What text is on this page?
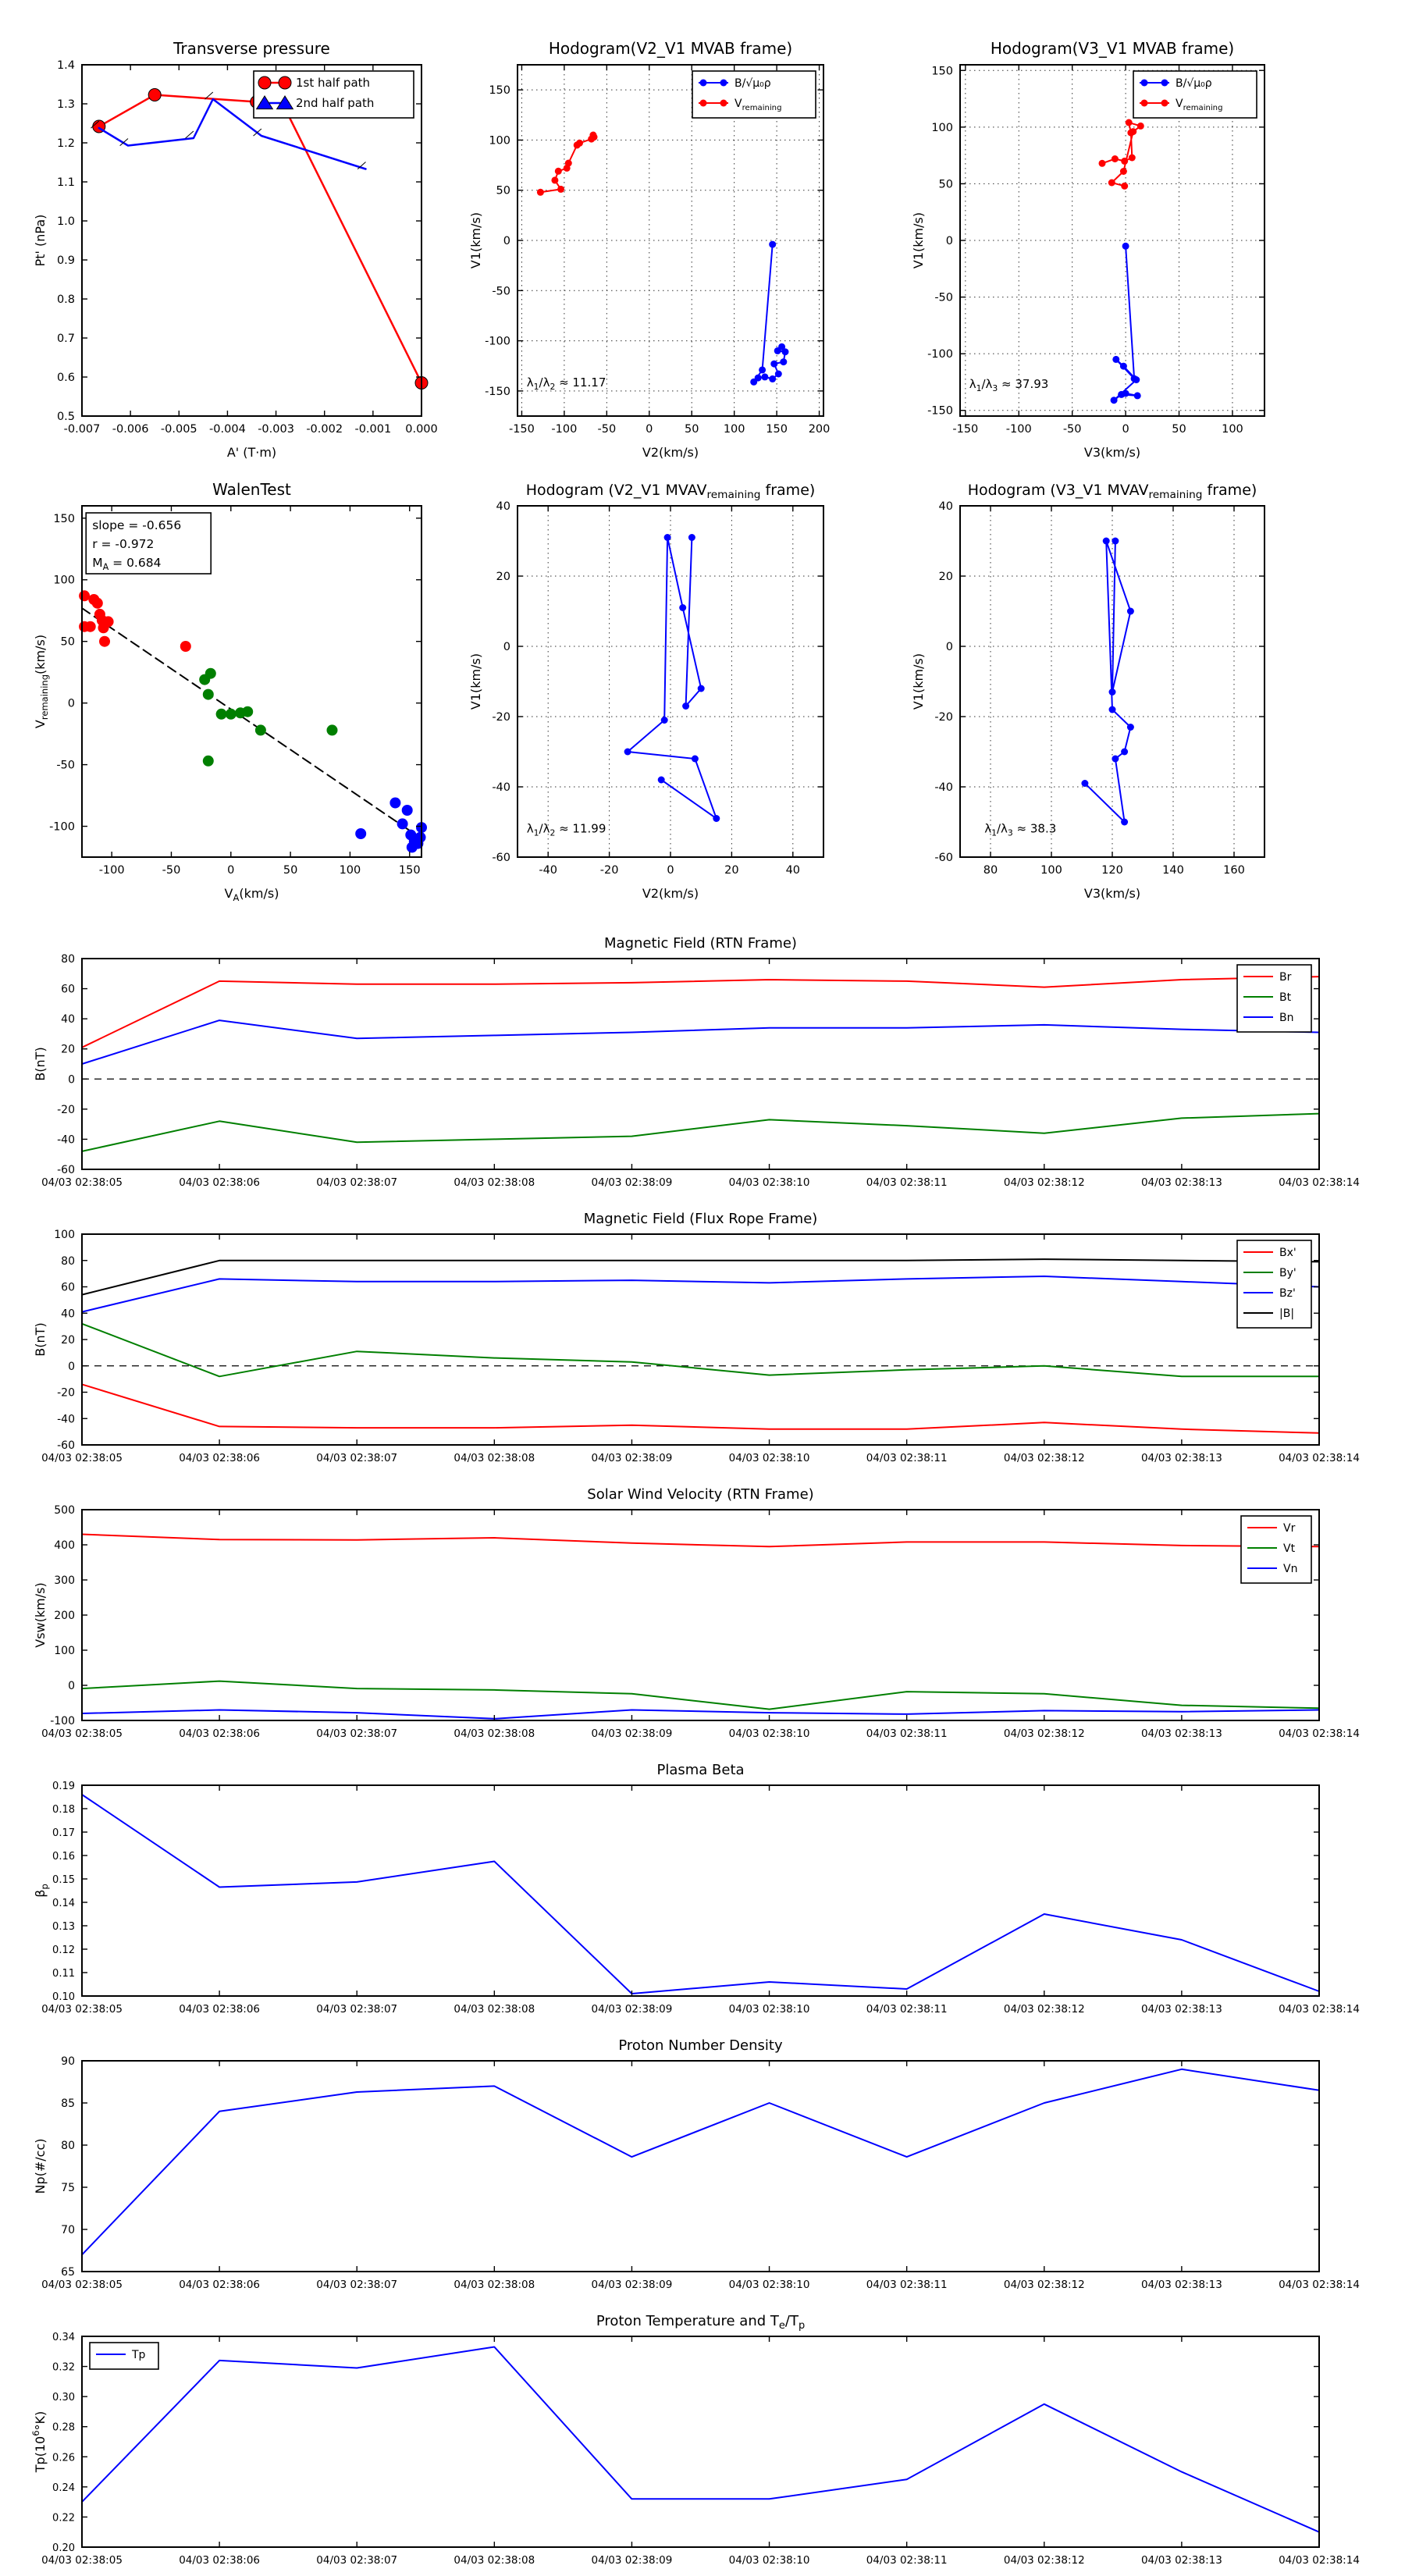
-0.007 -0.006 -0.005 -0.004 -0.003 -0.002 -0.001 0.000
0.5
0.6
0.7
0.8
0.9
1.0
1.1
1.2
1.3
1.4
Transverse pressure
A' (T·m)
Pt' (nPa)
1st half path
2nd half path
-150 -100 -50	0	50 100 150 200
-150
-100
-50
0
50
100
150
Hodogram(V2_V1 MVAB frame)
V2(km/s)
V1(km/s)
$\lambda_1/\lambda_2 \approx 11.17$
B/√μ₀ρ
$V_{remaining}$
-150 -100	-50	0	50	100
-150
-100
-50
0
50
100
150
Hodogram(V3_V1 MVAB frame)
V3(km/s)
V1(km/s)
$\lambda_1/\lambda_3 \approx 37.93$
B/√μ₀ρ
$V_{remaining}$
-100	-50	0	50	100	150
-100
-50
0
50
100
150
WalenTest
$V_A(km/s)$
$V_{remaining}(km/s)$
slope = -0.656
r = -0.972
$M_A = 0.684$
-40	-20	0	20	40
-60
-40
-20
0
20
40
Hodogram (V2_V1 $MVAV_{remaining}$ frame)
V2(km/s)
V1(km/s)
$\lambda_1/\lambda_2 \approx 11.99$
80	100	120	140	160
-60
-40
-20
0
20
40
Hodogram (V3_V1 $MVAV_{remaining}$ frame)
V3(km/s)
V1(km/s)
$\lambda_1/\lambda_3 \approx 38.3$
04/03 02:38:05	04/03 02:38:06	04/03 02:38:07	04/03 02:38:08	04/03 02:38:09	04/03 02:38:10	04/03 02:38:11	04/03 02:38:12	04/03 02:38:13	04/03 02:38:14
-60
-40
-20
0
20
40
60
80
Magnetic Field (RTN Frame)
B(nT)
Br
Bt
Bn
04/03 02:38:05	04/03 02:38:06	04/03 02:38:07	04/03 02:38:08	04/03 02:38:09	04/03 02:38:10	04/03 02:38:11	04/03 02:38:12	04/03 02:38:13	04/03 02:38:14
-60
-40
-20
0
20
40
60
80
100
Magnetic Field (Flux Rope Frame)
B(nT)
Bx'
By'
Bz'
|B|
04/03 02:38:05	04/03 02:38:06	04/03 02:38:07	04/03 02:38:08	04/03 02:38:09	04/03 02:38:10	04/03 02:38:11	04/03 02:38:12	04/03 02:38:13	04/03 02:38:14
-100
0
100
200
300
400
500
Solar Wind Velocity (RTN Frame)
Vsw(km/s)
Vr
Vt
Vn
04/03 02:38:05	04/03 02:38:06	04/03 02:38:07	04/03 02:38:08	04/03 02:38:09	04/03 02:38:10	04/03 02:38:11	04/03 02:38:12	04/03 02:38:13	04/03 02:38:14
0.10
0.11
0.12
0.13
0.14
0.15
0.16
0.17
0.18
0.19
Plasma Beta
$\beta_p$
04/03 02:38:05	04/03 02:38:06	04/03 02:38:07	04/03 02:38:08	04/03 02:38:09	04/03 02:38:10	04/03 02:38:11	04/03 02:38:12	04/03 02:38:13	04/03 02:38:14
65
70
75
80
85
90
Proton Number Density
Np(#/cc)
04/03 02:38:05	04/03 02:38:06	04/03 02:38:07	04/03 02:38:08	04/03 02:38:09	04/03 02:38:10	04/03 02:38:11	04/03 02:38:12	04/03 02:38:13	04/03 02:38:14
0.20
0.22
0.24
0.26
0.28
0.30
0.32
0.34
Proton Temperature and $T_e/T_p$
$Tp(10^6^\circ K)$
Tp
